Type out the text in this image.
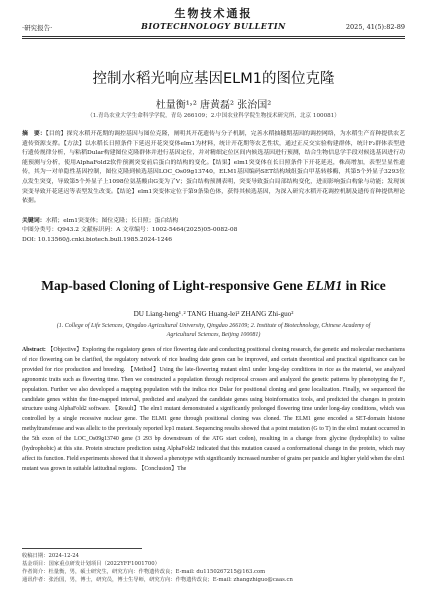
生物技术通报
·研究报告·	BIOTECHNOLOGY BULLETIN	2025, 41(5):82-89
控制水稻光响应基因ELM1的图位克隆
杜量衡¹˒² 唐黄磊² 张治国²
（1.青岛农业大学生命科学学院，青岛 266109；2.中国农业科学院生物技术研究所，北京 100081）
摘　要：【目的】探究水稻开花期的调控基因与图位克隆，阐明其开花遗传与分子机制，完善水稻抽穗期基因的调控网络，为水稻生产育种提供农艺遗传资源支撑。【方法】以水稻长日照条件下延迟开花突变体elm1为材料，统计开花期等农艺性状，通过正反交实验构建群体，统计F₂群体表型进行遗传规律分析，与粘稻Dular构建图位克隆群体并进行基因定位，并对精细定位区间内候选基因进行预测，结合生物信息学手段对候选基因进行功能预测与分析，使用AlphaFold2软件预测突变前后蛋白的结构的变化。【结果】elm1突变体在长日照条件下开花延迟，株高增加，表型呈显性遗传，其为一对单隐性基因控制，图位克隆到候选基因LOC_Os09g13740，ELM1基因编码SET结构域组蛋白甲基转移酶，其第5个外显子3293位点发生突变，导致第5个外显子上1098位氨基酸由G变为了V；蛋白结构预测表明，突变导致蛋白局部结构变化，进而影响蛋白构象与功能；发现该突变导致开花延迟等表型发生改变。【结论】elm1突变体定位于第9条染色体，获得其候选基因，为深入研究水稻开花调控机制及遗传育种提供理论依据。
关键词：水稻；elm1突变体；图位克隆；长日照；蛋白结构
中图分类号：Q943.2 文献标识码：A 文章编号：1002-5464(2025)05-0082-08
DOI: 10.13560/j.cnki.biotech.bull.1985.2024-1246
Map-based Cloning of Light-responsive Gene ELM1 in Rice
DU Liang-heng¹˒² TANG Huang-lei² ZHANG Zhi-guo²
(1. College of Life Sciences, Qingdao Agricultural University, Qingdao 266109; 2. Institute of Biotechnology, Chinese Academy of Agricultural Sciences, Beijing 100081)
Abstract: 【Objective】Exploring the regulatory genes of rice flowering date and conducting positional cloning research, the genetic and molecular mechanisms of rice flowering can be clarified, the regulatory network of rice heading date genes can be improved, and certain theoretical and practical significance can be provided for rice production and breeding. 【Method】Using the late-flowering mutant elm1 under long-day conditions in rice as the material, we analyzed agronomic traits such as flowering time. Then we constructed a population through reciprocal crosses and analyzed the genetic patterns by phenotyping the F₂ population. Further we also developed a mapping population with the indica rice Dular for positional cloning and gene localization. Finally, we sequenced the candidate genes within the fine-mapped interval, predicted and analyzed the candidate genes using bioinformatics tools, and predicted the changes in protein structure using AlphaFold2 software. 【Result】The elm1 mutant demonstrated a significantly prolonged flowering time under long-day conditions, which was controlled by a single recessive nuclear gene. The ELM1 gene through positional cloning was cloned. The ELM1 gene encoded a SET-domain histone methyltransferase and was allelic to the previously reported lcp1 mutant. Sequencing results showed that a point mutation (G to T) in the elm1 mutant occurred in the 5th exon of the LOC_Os09g13740 gene (3 293 bp downstream of the ATG start codon), resulting in a change from glycine (hydrophilic) to valine (hydrophobic) at this site. Protein structure prediction using AlphaFold2 indicated that this mutation caused a conformational change in the protein, which may affect its function. Field experiments showed that it showed a phenotype with significantly increased number of grains per panicle and higher yield when the elm1 mutant was grown in suitable latitudinal regions. 【Conclusion】The
收稿日期：2024-12-24
基金项目：国家重点研发计划项目（2022YFF1001700）
作者简介：杜量衡，男，硕士研究生，研究方向：作物遗传改良；E-mail: du1150267215@163.com
通讯作者：张治国，男，博士，研究员，博士生导师，研究方向：作物遗传改良；E-mail: zhangzhiguo@caas.cn
